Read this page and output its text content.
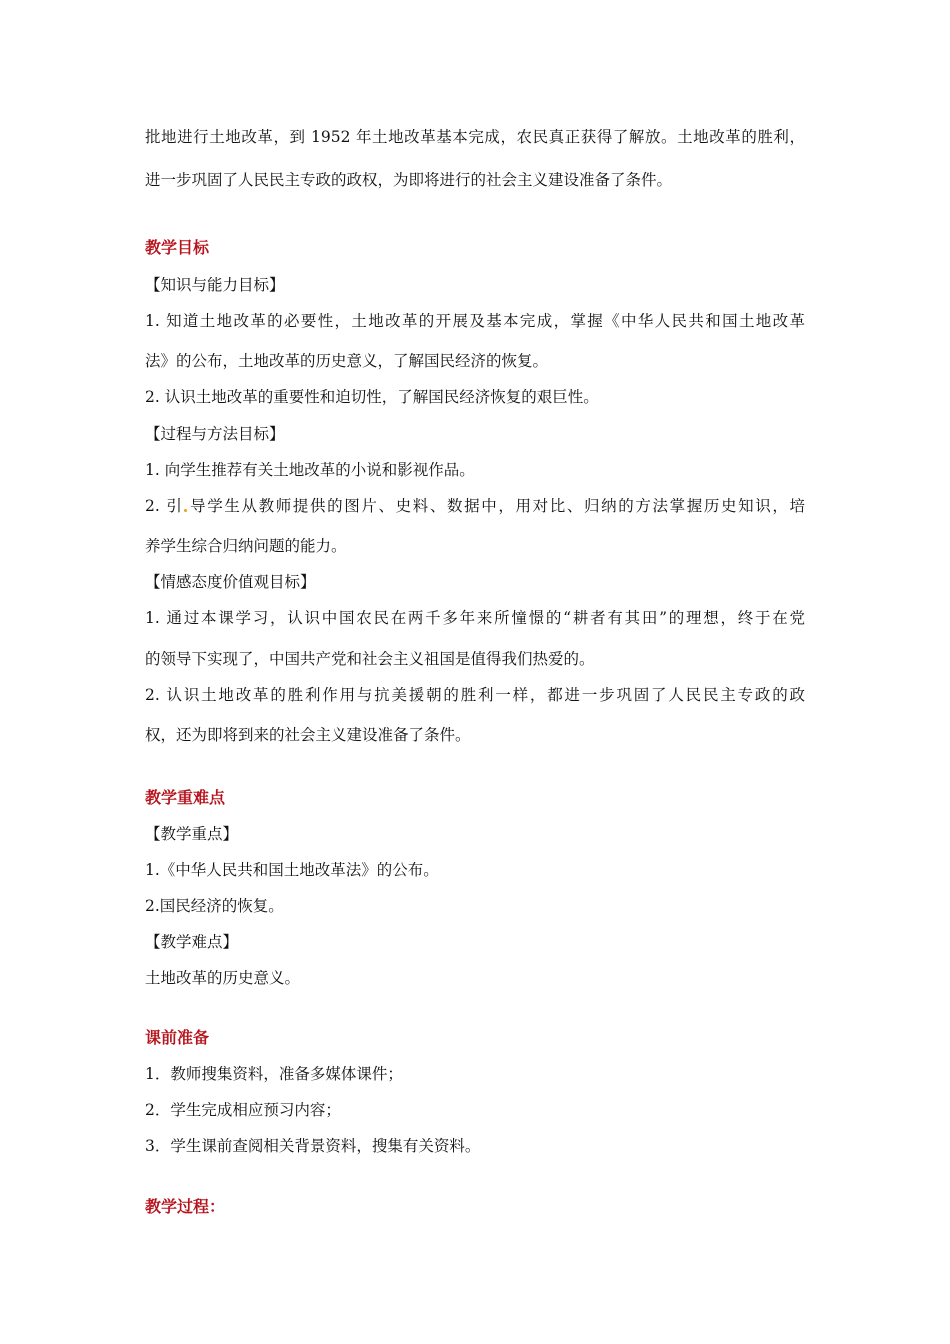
批地进行土地改革，到 1952 年土地改革基本完成，农民真正获得了解放。土地改革的胜利，
进一步巩固了人民民主专政的政权，为即将进行的社会主义建设准备了条件。
教学目标
【知识与能力目标】
1. 知道土地改革的必要性，土地改革的开展及基本完成，掌握《中华人民共和国土地改革
法》的公布，土地改革的历史意义，了解国民经济的恢复。
2. 认识土地改革的重要性和迫切性，了解国民经济恢复的艰巨性。
【过程与方法目标】
1. 向学生推荐有关土地改革的小说和影视作品。
2. 引 导学生从教师提供的图片、史料、数据中，用对比、归纳的方法掌握历史知识，培
养学生综合归纳问题的能力。
【情感态度价值观目标】
1. 通过本课学习，认识中国农民在两千多年来所憧憬的“耕者有其田”的理想，终于在党
的领导下实现了，中国共产党和社会主义祖国是值得我们热爱的。
2. 认识土地改革的胜利作用与抗美援朝的胜利一样，都进一步巩固了人民民主专政的政
权，还为即将到来的社会主义建设准备了条件。
教学重难点
【教学重点】
1.《中华人民共和国土地改革法》的公布。
2.国民经济的恢复。
【教学难点】
土地改革的历史意义。
课前准备
1．教师搜集资料，准备多媒体课件；
2．学生完成相应预习内容；
3．学生课前查阅相关背景资料，搜集有关资料。
教学过程：
